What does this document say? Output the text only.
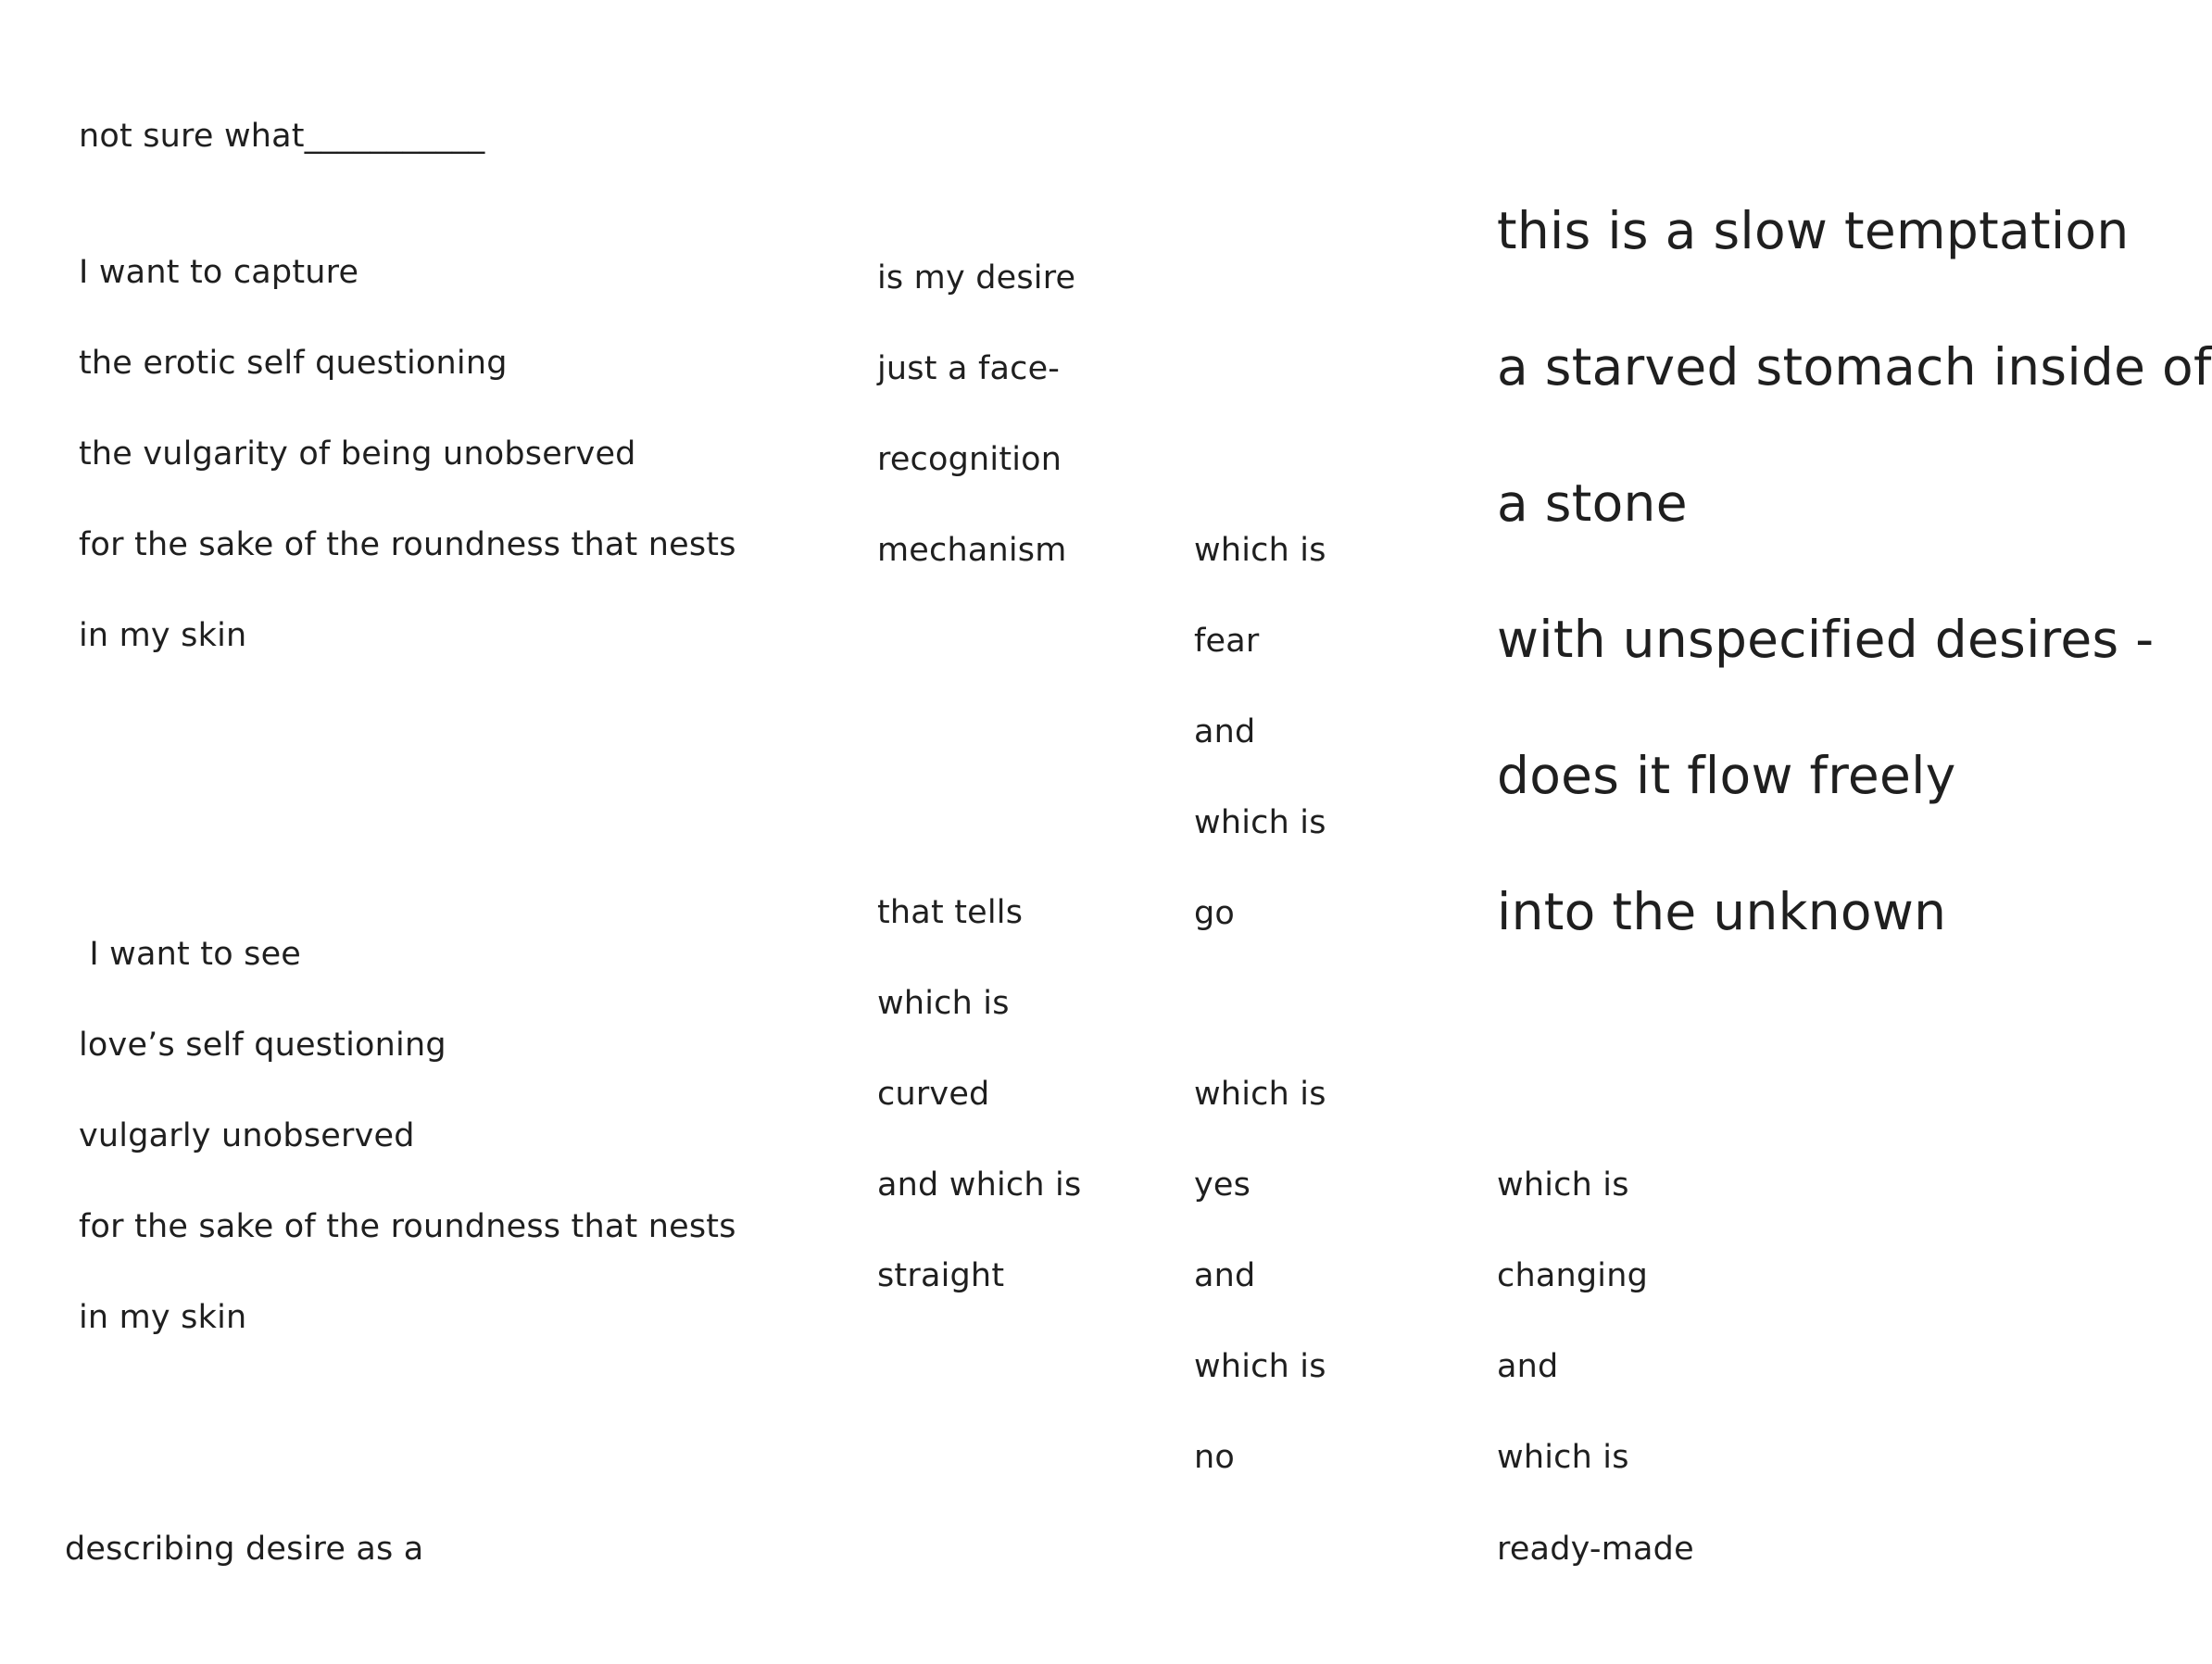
not sure what___________
I want to capture
the erotic self questioning
the vulgarity of being unobserved
for the sake of the roundness that nests
in my skin
I want to see
love’s self questioning
vulgarly unobserved
for the sake of the roundness that nests
in my skin
describing desire as a
is my desire
just a face-
recognition
mechanism
that tells
which is
curved
and which is
straight
which is
fear
and
which is
go
which is
yes
and
which is
no
this is a slow temptation
a starved stomach inside of
a stone
with unspecified desires -
does it flow freely
into the unknown
which is
changing
and
which is
ready-made
